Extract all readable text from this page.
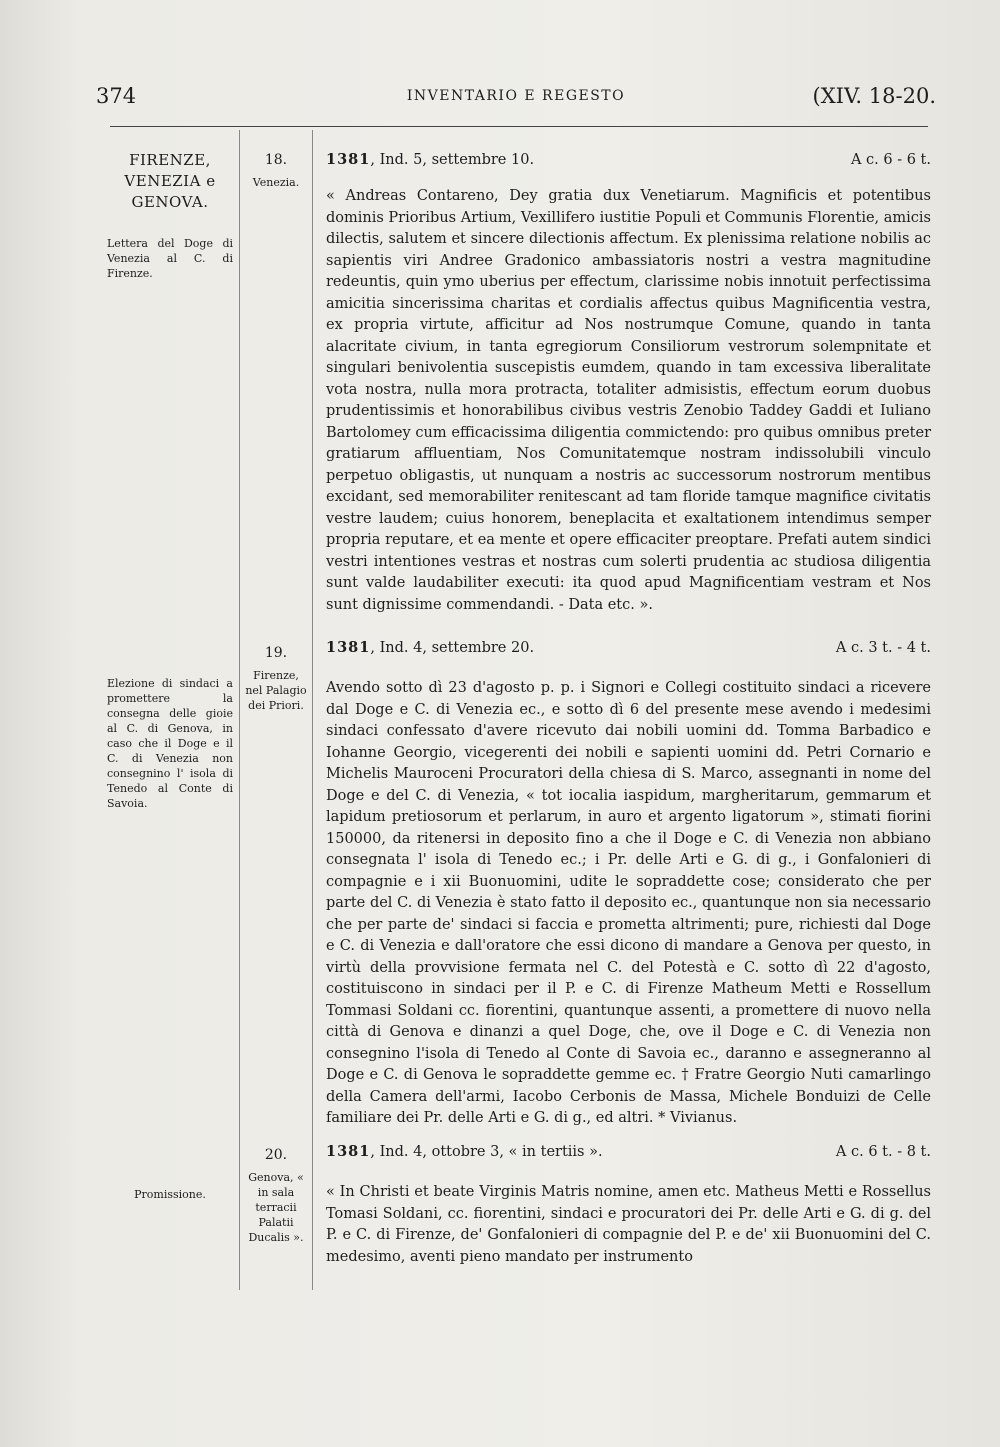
374	INVENTARIO E REGESTO	(XIV. 18-20.
FIRENZE,
VENEZIA e
GENOVA.
Lettera del Doge di Venezia al C. di Firenze.
18.
Venezia.
1381, Ind. 5, settembre 10.	A c. 6 - 6 t.

« Andreas Contareno, Dey gratia dux Venetiarum. Magnificis et potentibus dominis Prioribus Artium, Vexillifero iustitie Populi et Communis Florentie, amicis dilectis, salutem et sincere dilectionis affectum. Ex plenissima relatione nobilis ac sapientis viri Andree Gradonico ambassiatoris nostri a vestra magnitudine redeuntis, quin ymo uberius per effectum, clarissime nobis innotuit perfectissima amicitia sincerissima charitas et cordialis affectus quibus Magnificentia vestra, ex propria virtute, afficitur ad Nos nostrumque Comune, quando in tanta alacritate civium, in tanta egregiorum Consiliorum vestrorum solempnitate et singulari benivolentia suscepistis eumdem, quando in tam excessiva liberalitate vota nostra, nulla mora protracta, totaliter admisistis, effectum eorum duobus prudentissimis et honorabilibus civibus vestris Zenobio Taddey Gaddi et Iuliano Bartolomey cum efficacissima diligentia commictendo: pro quibus omnibus preter gratiarum affluentiam, Nos Comunitatemque nostram indissolubili vinculo perpetuo obligastis, ut nunquam a nostris ac successorum nostrorum mentibus excidant, sed memorabiliter renitescant ad tam floride tamque magnifice civitatis vestre laudem; cuius honorem, beneplacita et exaltationem intendimus semper propria reputare, et ea mente et opere efficaciter preoptare. Prefati autem sindici vestri intentiones vestras et nostras cum solerti prudentia ac studiosa diligentia sunt valde laudabiliter executi: ita quod apud Magnificentiam vestram et Nos sunt dignissime commendandi. - Data etc. ».

Elezione di sindaci a promettere la consegna delle gioie al C. di Genova, in caso che il Doge e il C. di Venezia non consegnino l' isola di Tenedo al Conte di Savoia.
19.
Firenze, nel Palagio dei Priori.
1381, Ind. 4, settembre 20.	A c. 3 t. - 4 t.

Avendo sotto dì 23 d'agosto p. p. i Signori e Collegi costituito sindaci a ricevere dal Doge e C. di Venezia ec., e sotto dì 6 del presente mese avendo i medesimi sindaci confessato d'avere ricevuto dai nobili uomini dd. Tomma Barbadico e Iohanne Georgio, vicegerenti dei nobili e sapienti uomini dd. Petri Cornario e Michelis Mauroceni Procuratori della chiesa di S. Marco, assegnanti in nome del Doge e del C. di Venezia, « tot iocalia iaspidum, margheritarum, gemmarum et lapidum pretiosorum et perlarum, in auro et argento ligatorum », stimati fiorini 150000, da ritenersi in deposito fino a che il Doge e C. di Venezia non abbiano consegnata l' isola di Tenedo ec.; i Pr. delle Arti e G. di g., i Gonfalonieri di compagnie e i xii Buonuomini, udite le sopraddette cose; considerato che per parte del C. di Venezia è stato fatto il deposito ec., quantunque non sia necessario che per parte de' sindaci si faccia e prometta altrimenti; pure, richiesti dal Doge e C. di Venezia e dall'oratore che essi dicono di mandare a Genova per questo, in virtù della provvisione fermata nel C. del Potestà e C. sotto dì 22 d'agosto, costituiscono in sindaci per il P. e C. di Firenze Matheum Metti e Rossellum Tommasi Soldani cc. fiorentini, quantunque assenti, a promettere di nuovo nella città di Genova e dinanzi a quel Doge, che, ove il Doge e C. di Venezia non consegnino l'isola di Tenedo al Conte di Savoia ec., daranno e assegneranno al Doge e C. di Genova le sopraddette gemme ec. † Fratre Georgio Nuti camarlingo della Camera dell'armi, Iacobo Cerbonis de Massa, Michele Bonduizi de Celle familiare dei Pr. delle Arti e G. di g., ed altri. * Vivianus.

Promissione.
20.
Genova, « in sala terracii Palatii Ducalis ».
1381, Ind. 4, ottobre 3, « in tertiis ».	A c. 6 t. - 8 t.

« In Christi et beate Virginis Matris nomine, amen etc. Matheus Metti e Rossellus Tomasi Soldani, cc. fiorentini, sindaci e procuratori dei Pr. delle Arti e G. di g. del P. e C. di Firenze, de' Gonfalonieri di compagnie del P. e de' xii Buonuomini del C. medesimo, aventi pieno mandato per instrumento
